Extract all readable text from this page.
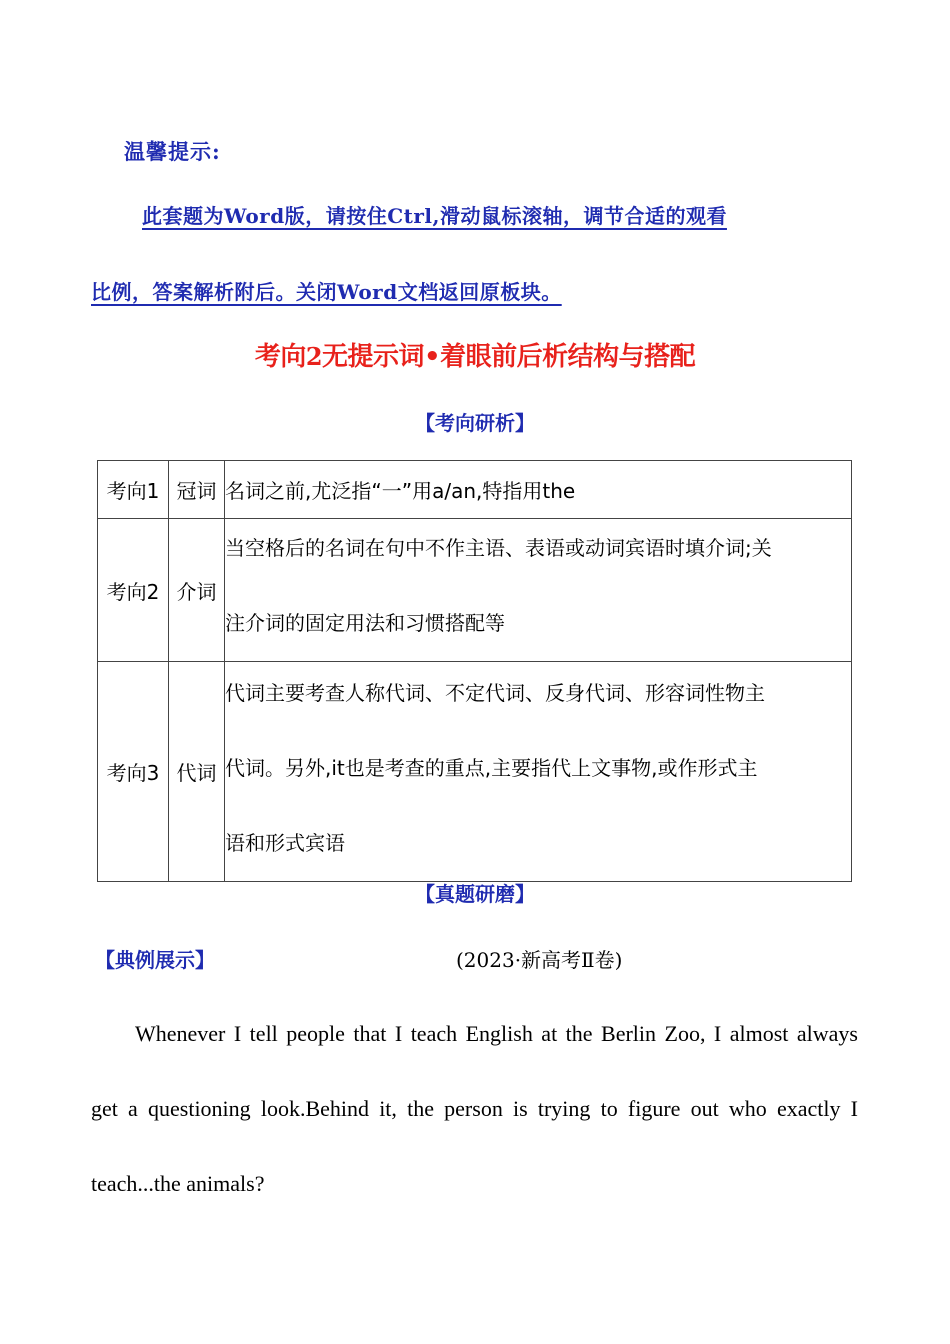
温馨提示:
此套题为Word版，请按住Ctrl,滑动鼠标滚轴，调节合适的观看
比例，答案解析附后。关闭Word文档返回原板块。
考向2无提示词•着眼前后析结构与搭配
【考向研析】
考向1	冠词	名词之前,尤泛指“一”用a/an,特指用the

考向2	介词	当空格后的名词在句中不作主语、表语或动词宾语时填介词;关
注介词的固定用法和习惯搭配等

考向3	代词	代词主要考查人称代词、不定代词、反身代词、形容词性物主
代词。另外,it也是考查的重点,主要指代上文事物,或作形式主
语和形式宾语
【真题研磨】
【典例展示】	(2023·新高考Ⅱ卷)
Whenever I tell people that I teach English at the Berlin Zoo, I almost always
get a questioning look.Behind it, the person is trying to figure out who exactly I
teach...the animals?
